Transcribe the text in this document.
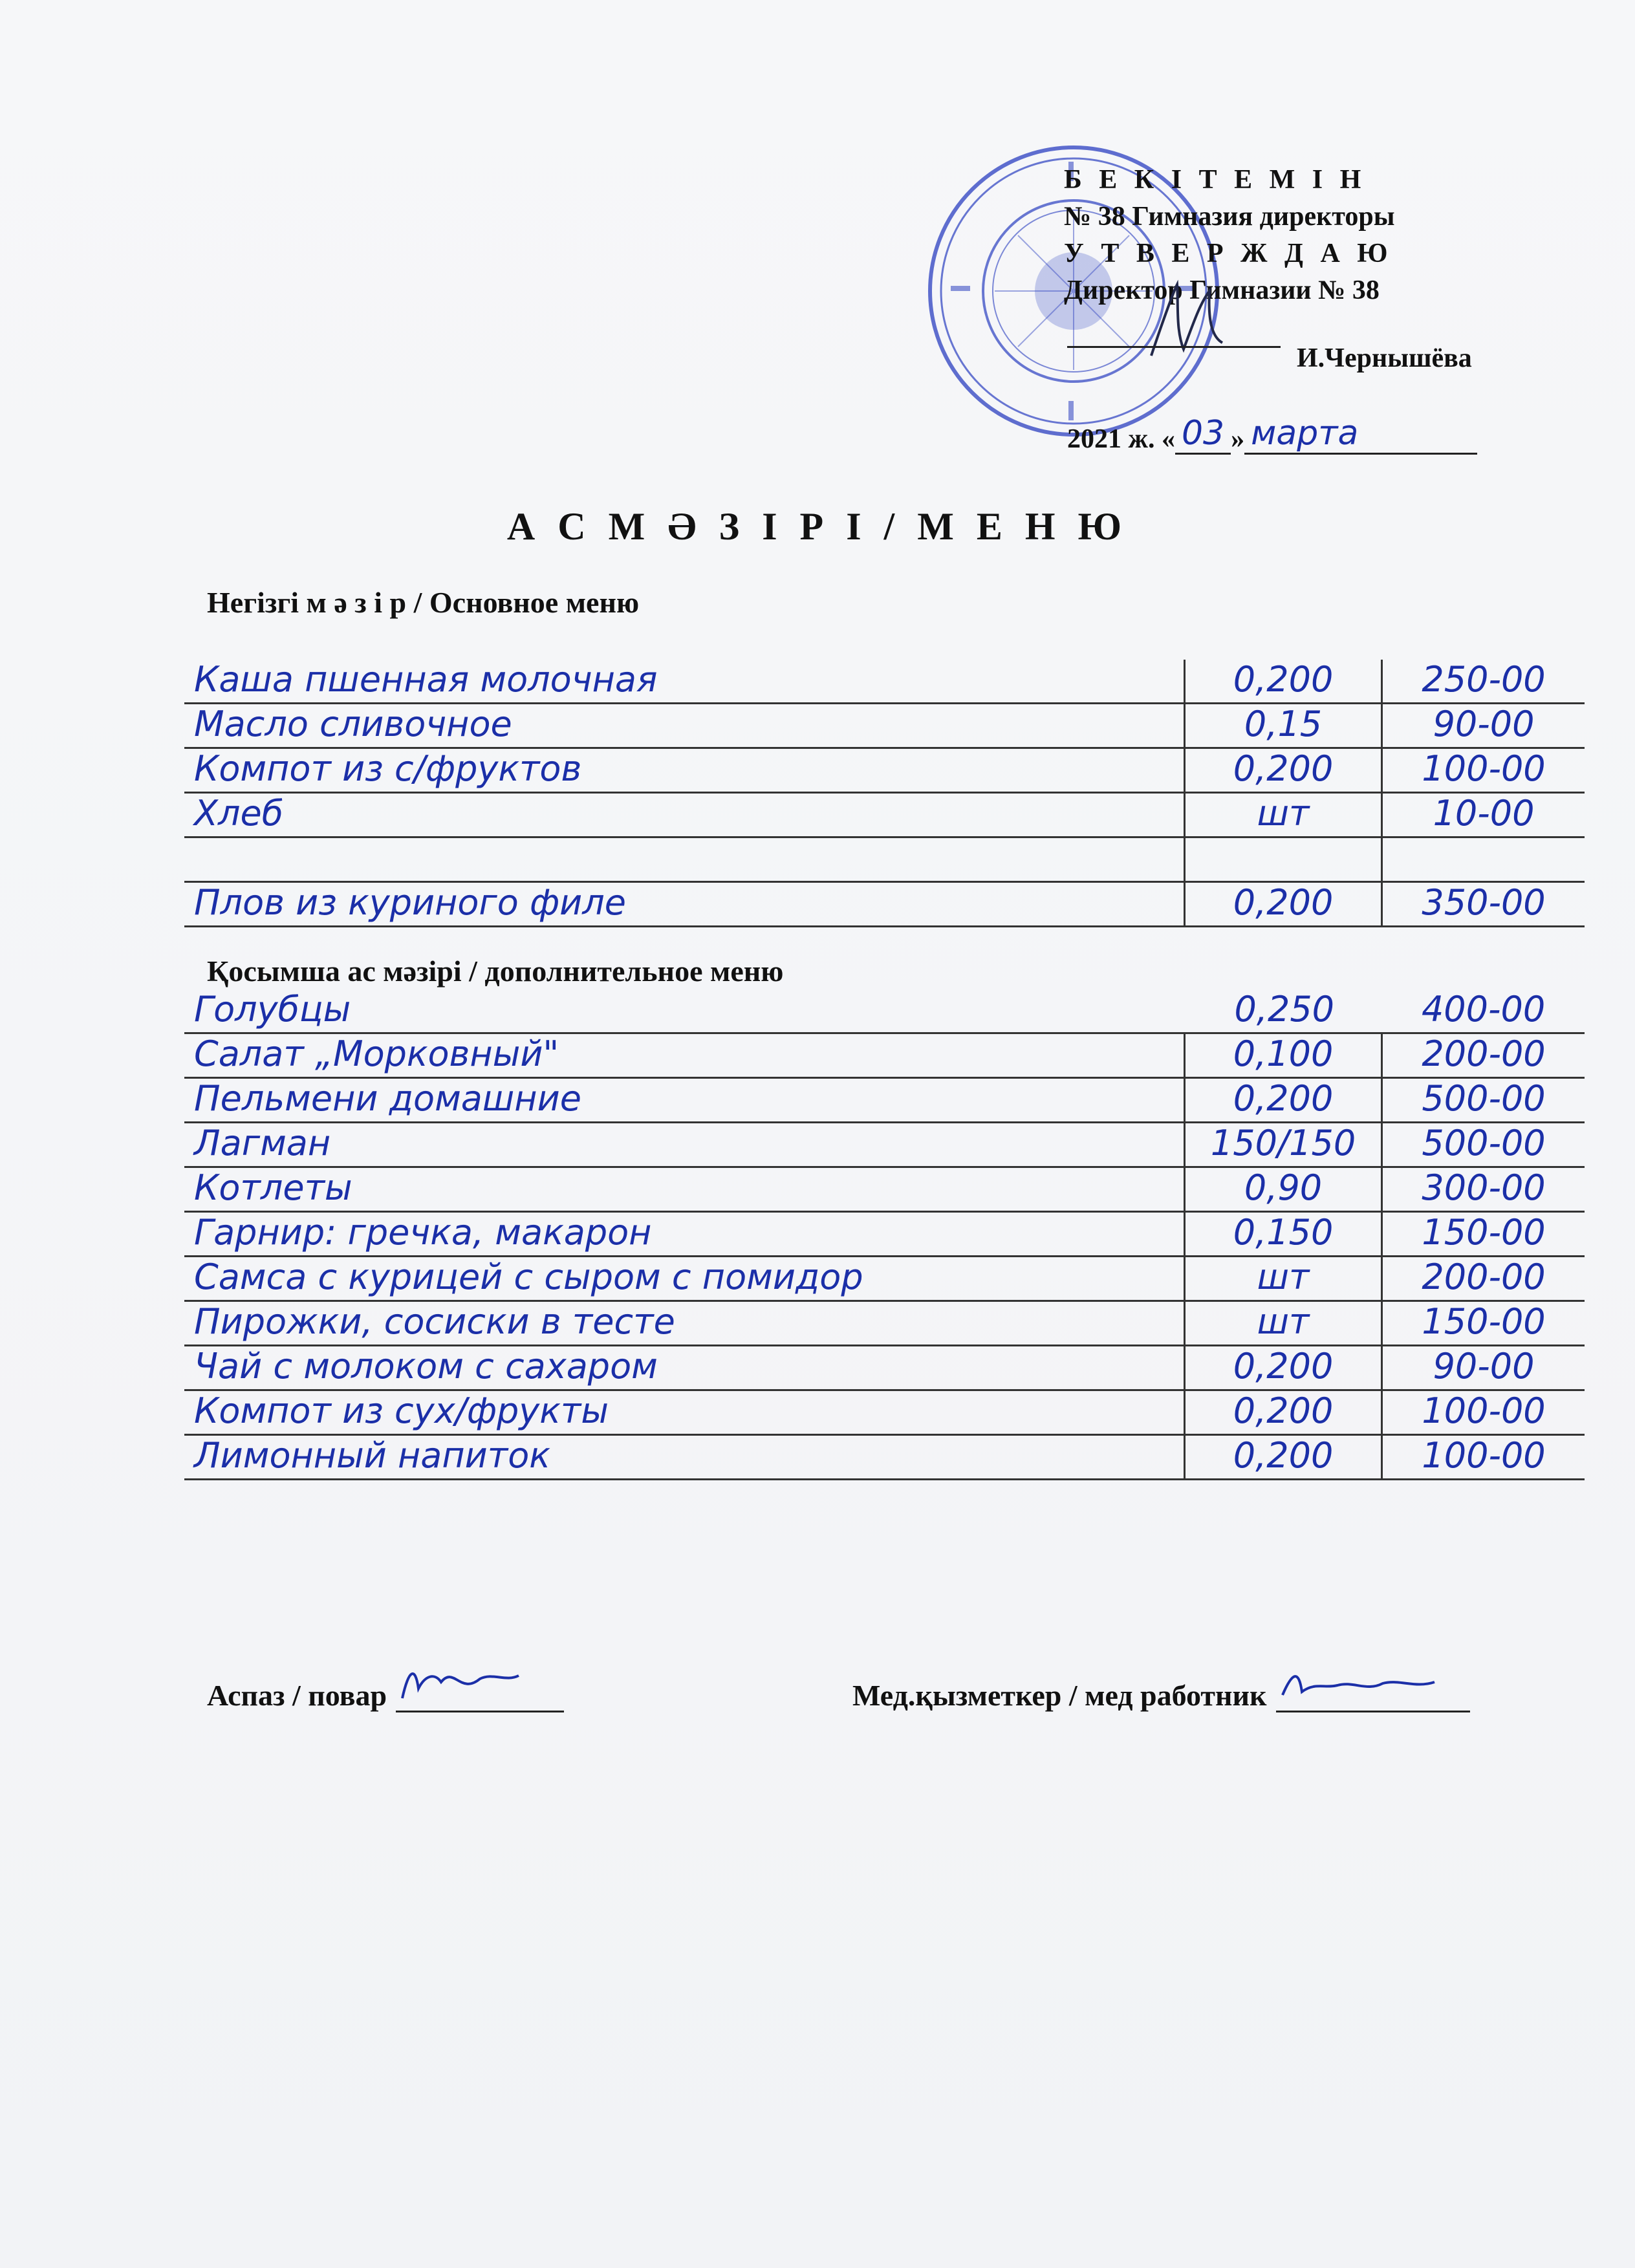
Б Е К І Т Е М І Н
№ 38 Гимназия директоры
У Т В Е Р Ж Д А Ю
Директор Гимназии № 38
И.Чернышёва
2021 ж. « 03 » марта
А С М Ә З І Р І / М Е Н Ю
Негізгі м ә з і р / Основное меню
Каша пшенная молочная	0,200	250-00
Масло сливочное	0,15	90-00
Компот из с/фруктов	0,200	100-00
Хлеб	шт	10-00
Плов из куриного филе	0,200	350-00
Қосымша ас мәзірі / дополнительное меню
Голубцы	0,250	400-00
Салат „Морковный"	0,100	200-00
Пельмени домашние	0,200	500-00
Лагман	150/150	500-00
Котлеты	0,90	300-00
Гарнир: гречка, макарон	0,150	150-00
Самса с курицей с сыром с помидор	шт	200-00
Пирожки, сосиски в тесте	шт	150-00
Чай с молоком с сахаром	0,200	90-00
Компот из сух/фрукты	0,200	100-00
Лимонный напиток	0,200	100-00
Аспаз / повар	Мед.қызметкер / мед работник
